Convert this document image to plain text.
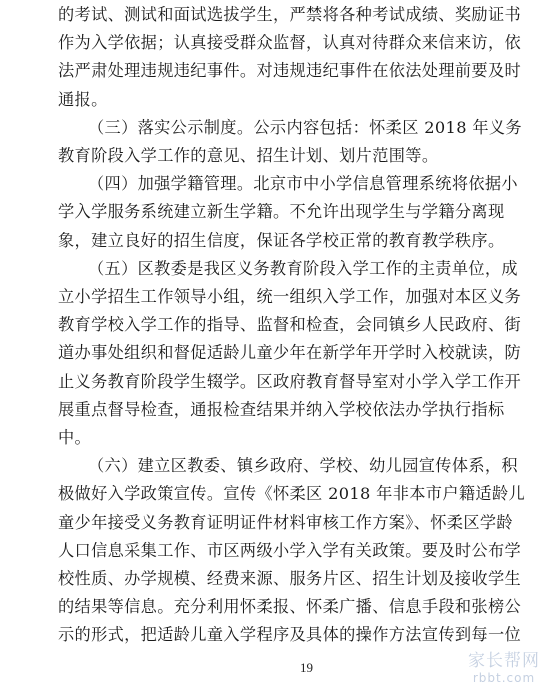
的考试、测试和面试选拔学生，严禁将各种考试成绩、奖励证书
作为入学依据；认真接受群众监督，认真对待群众来信来访，依
法严肃处理违规违纪事件。对违规违纪事件在依法处理前要及时
通报。
（三）落实公示制度。公示内容包括：怀柔区 2018 年义务
教育阶段入学工作的意见、招生计划、划片范围等。
（四）加强学籍管理。北京市中小学信息管理系统将依据小
学入学服务系统建立新生学籍。不允许出现学生与学籍分离现
象，建立良好的招生信度，保证各学校正常的教育教学秩序。
（五）区教委是我区义务教育阶段入学工作的主责单位，成
立小学招生工作领导小组，统一组织入学工作，加强对本区义务
教育学校入学工作的指导、监督和检查，会同镇乡人民政府、街
道办事处组织和督促适龄儿童少年在新学年开学时入校就读，防
止义务教育阶段学生辍学。区政府教育督导室对小学入学工作开
展重点督导检查，通报检查结果并纳入学校依法办学执行指标
中。
（六）建立区教委、镇乡政府、学校、幼儿园宣传体系，积
极做好入学政策宣传。宣传《怀柔区 2018 年非本市户籍适龄儿
童少年接受义务教育证明证件材料审核工作方案》、怀柔区学龄
人口信息采集工作、市区两级小学入学有关政策。要及时公布学
校性质、办学规模、经费来源、服务片区、招生计划及接收学生
的结果等信息。充分利用怀柔报、怀柔广播、信息手段和张榜公
示的形式，把适龄儿童入学程序及具体的操作方法宣传到每一位
19	家长帮网
rbbt.com
